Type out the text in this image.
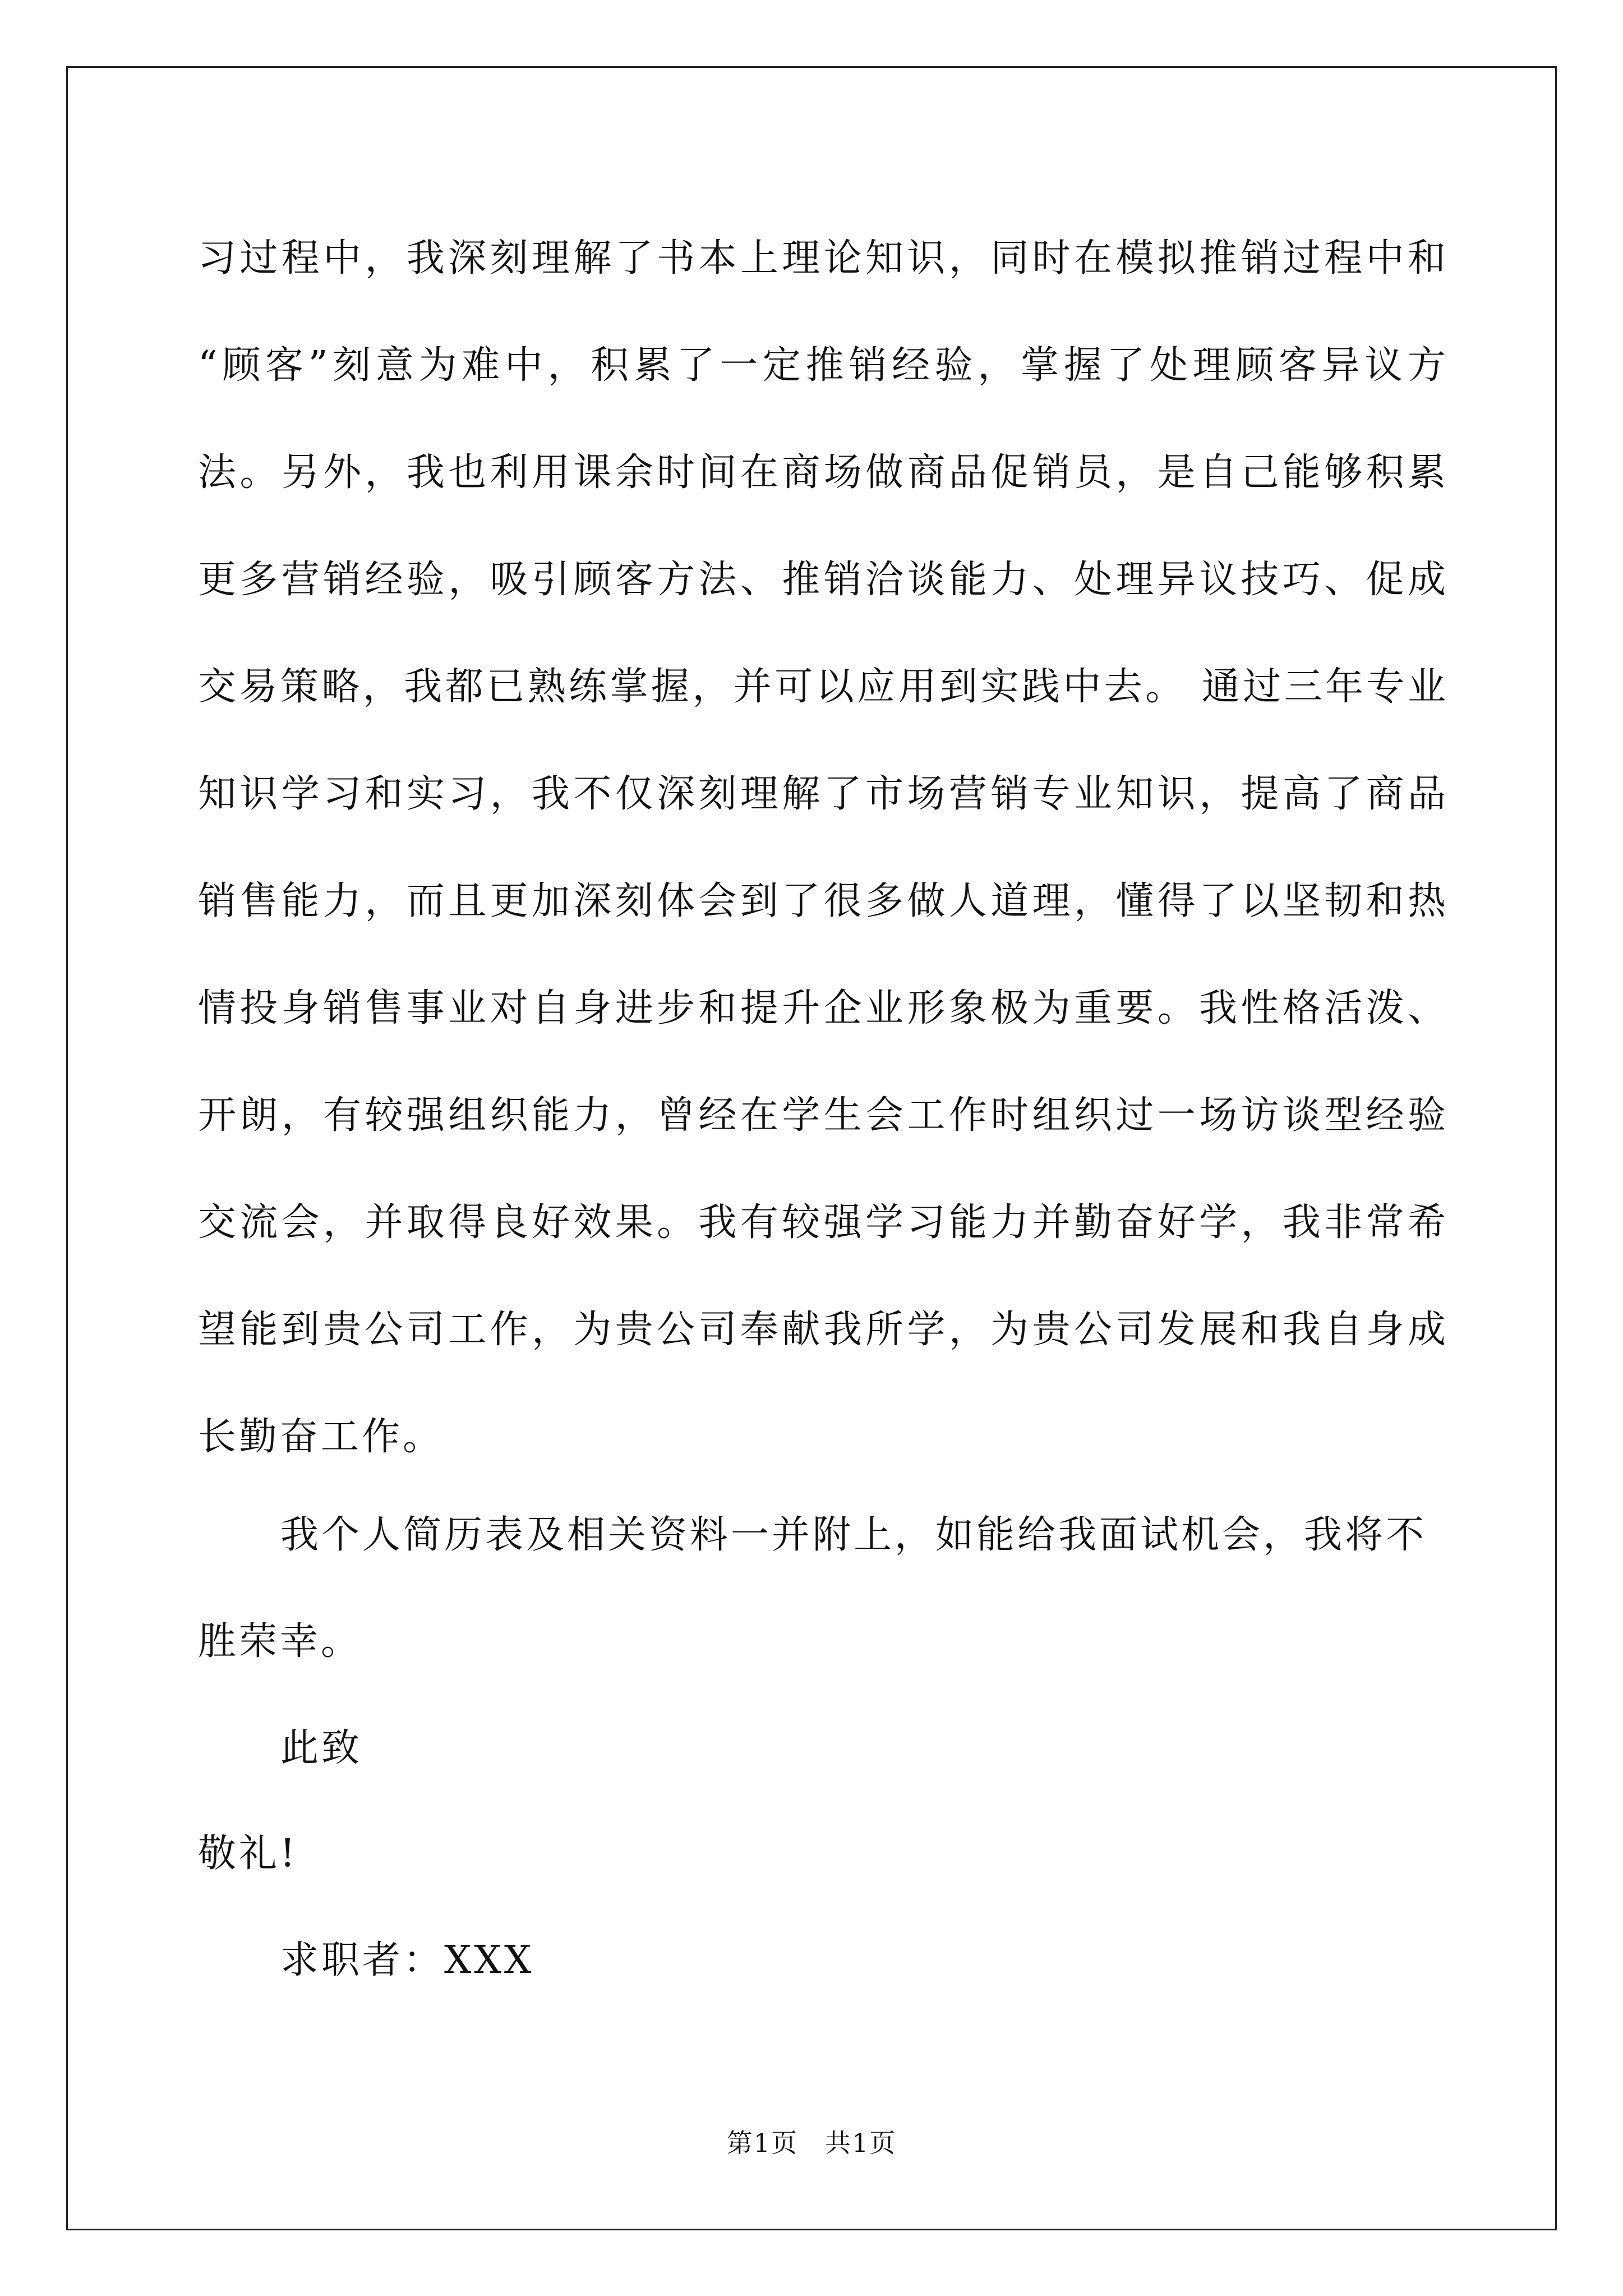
习过程中，我深刻理解了书本上理论知识，同时在模拟推销过程中和
“顾客”刻意为难中，积累了一定推销经验，掌握了处理顾客异议方
法。另外，我也利用课余时间在商场做商品促销员，是自己能够积累
更多营销经验，吸引顾客方法、推销洽谈能力、处理异议技巧、促成
交易策略，我都已熟练掌握，并可以应用到实践中去。 通过三年专业
知识学习和实习，我不仅深刻理解了市场营销专业知识，提高了商品
销售能力，而且更加深刻体会到了很多做人道理，懂得了以坚韧和热
情投身销售事业对自身进步和提升企业形象极为重要。我性格活泼、
开朗，有较强组织能力，曾经在学生会工作时组织过一场访谈型经验
交流会，并取得良好效果。我有较强学习能力并勤奋好学，我非常希
望能到贵公司工作，为贵公司奉献我所学，为贵公司发展和我自身成
长勤奋工作。

我个人简历表及相关资料一并附上，如能给我面试机会，我将不

胜荣幸。

此致

敬礼!

求职者：XXX

第1页　共1页
